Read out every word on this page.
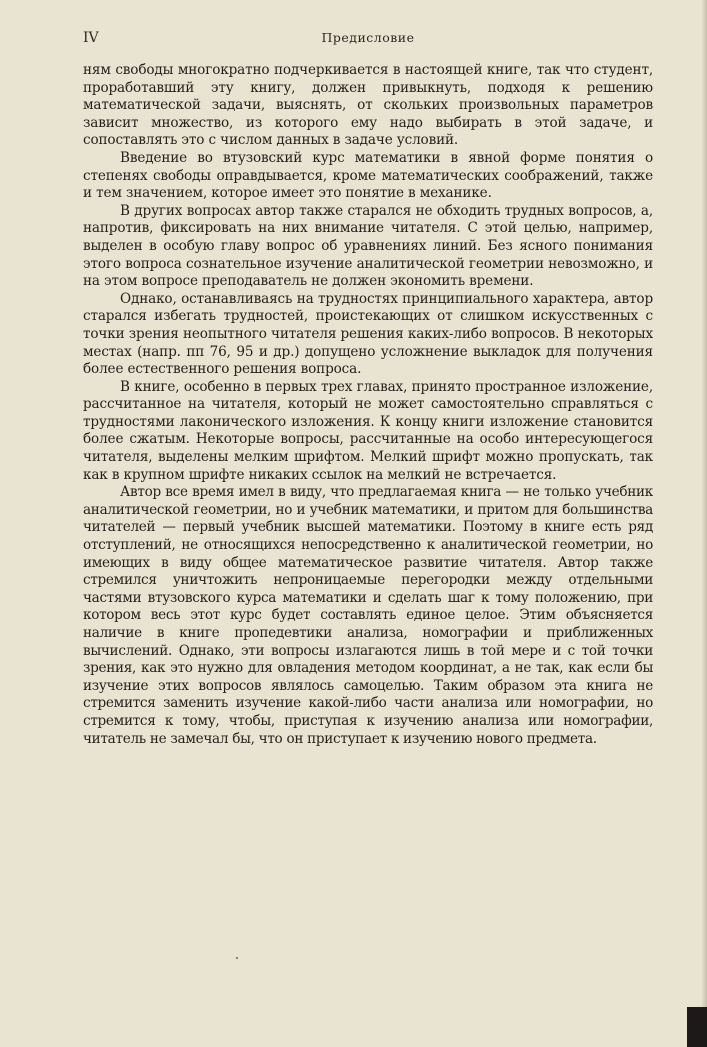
IV	Предисловие

ням свободы многократно подчеркивается в настоящей книге, так что студент, проработавший эту книгу, должен привыкнуть, подходя к решению математической задачи, выяснять, от скольких произвольных параметров зависит множество, из которого ему надо выбирать в этой задаче, и сопоставлять это с числом данных в задаче условий.

Введение во втузовский курс математики в явной форме понятия о степенях свободы оправдывается, кроме математических соображений, также и тем значением, которое имеет это понятие в механике.

В других вопросах автор также старался не обходить трудных вопросов, а, напротив, фиксировать на них внимание читателя. С этой целью, например, выделен в особую главу вопрос об уравнениях линий. Без ясного понимания этого вопроса сознательное изучение аналитической геометрии невозможно, и на этом вопросе преподаватель не должен экономить времени.

Однако, останавливаясь на трудностях принципиального характера, автор старался избегать трудностей, проистекающих от слишком искусственных с точки зрения неопытного читателя решения каких-либо вопросов. В некоторых местах (напр. пп 76, 95 и др.) допущено усложнение выкладок для получения более естественного решения вопроса.

В книге, особенно в первых трех главах, принято пространное изложение, рассчитанное на читателя, который не может самостоятельно справляться с трудностями лаконического изложения. К концу книги изложение становится более сжатым. Некоторые вопросы, рассчитанные на особо интересующегося читателя, выделены мелким шрифтом. Мелкий шрифт можно пропускать, так как в крупном шрифте никаких ссылок на мелкий не встречается.

Автор все время имел в виду, что предлагаемая книга — не только учебник аналитической геометрии, но и учебник математики, и притом для большинства читателей — первый учебник высшей математики. Поэтому в книге есть ряд отступлений, не относящихся непосредственно к аналитической геометрии, но имеющих в виду общее математическое развитие читателя. Автор также стремился уничтожить непроницаемые перегородки между отдельными частями втузовского курса математики и сделать шаг к тому положению, при котором весь этот курс будет составлять единое целое. Этим объясняется наличие в книге пропедевтики анализа, номографии и приближенных вычислений. Однако, эти вопросы излагаются лишь в той мере и с той точки зрения, как это нужно для овладения методом координат, а не так, как если бы изучение этих вопросов являлось самоцелью. Таким образом эта книга не стремится заменить изучение какой-либо части анализа или номографии, но стремится к тому, чтобы, приступая к изучению анализа или номографии, читатель не замечал бы, что он приступает к изучению нового предмета.
